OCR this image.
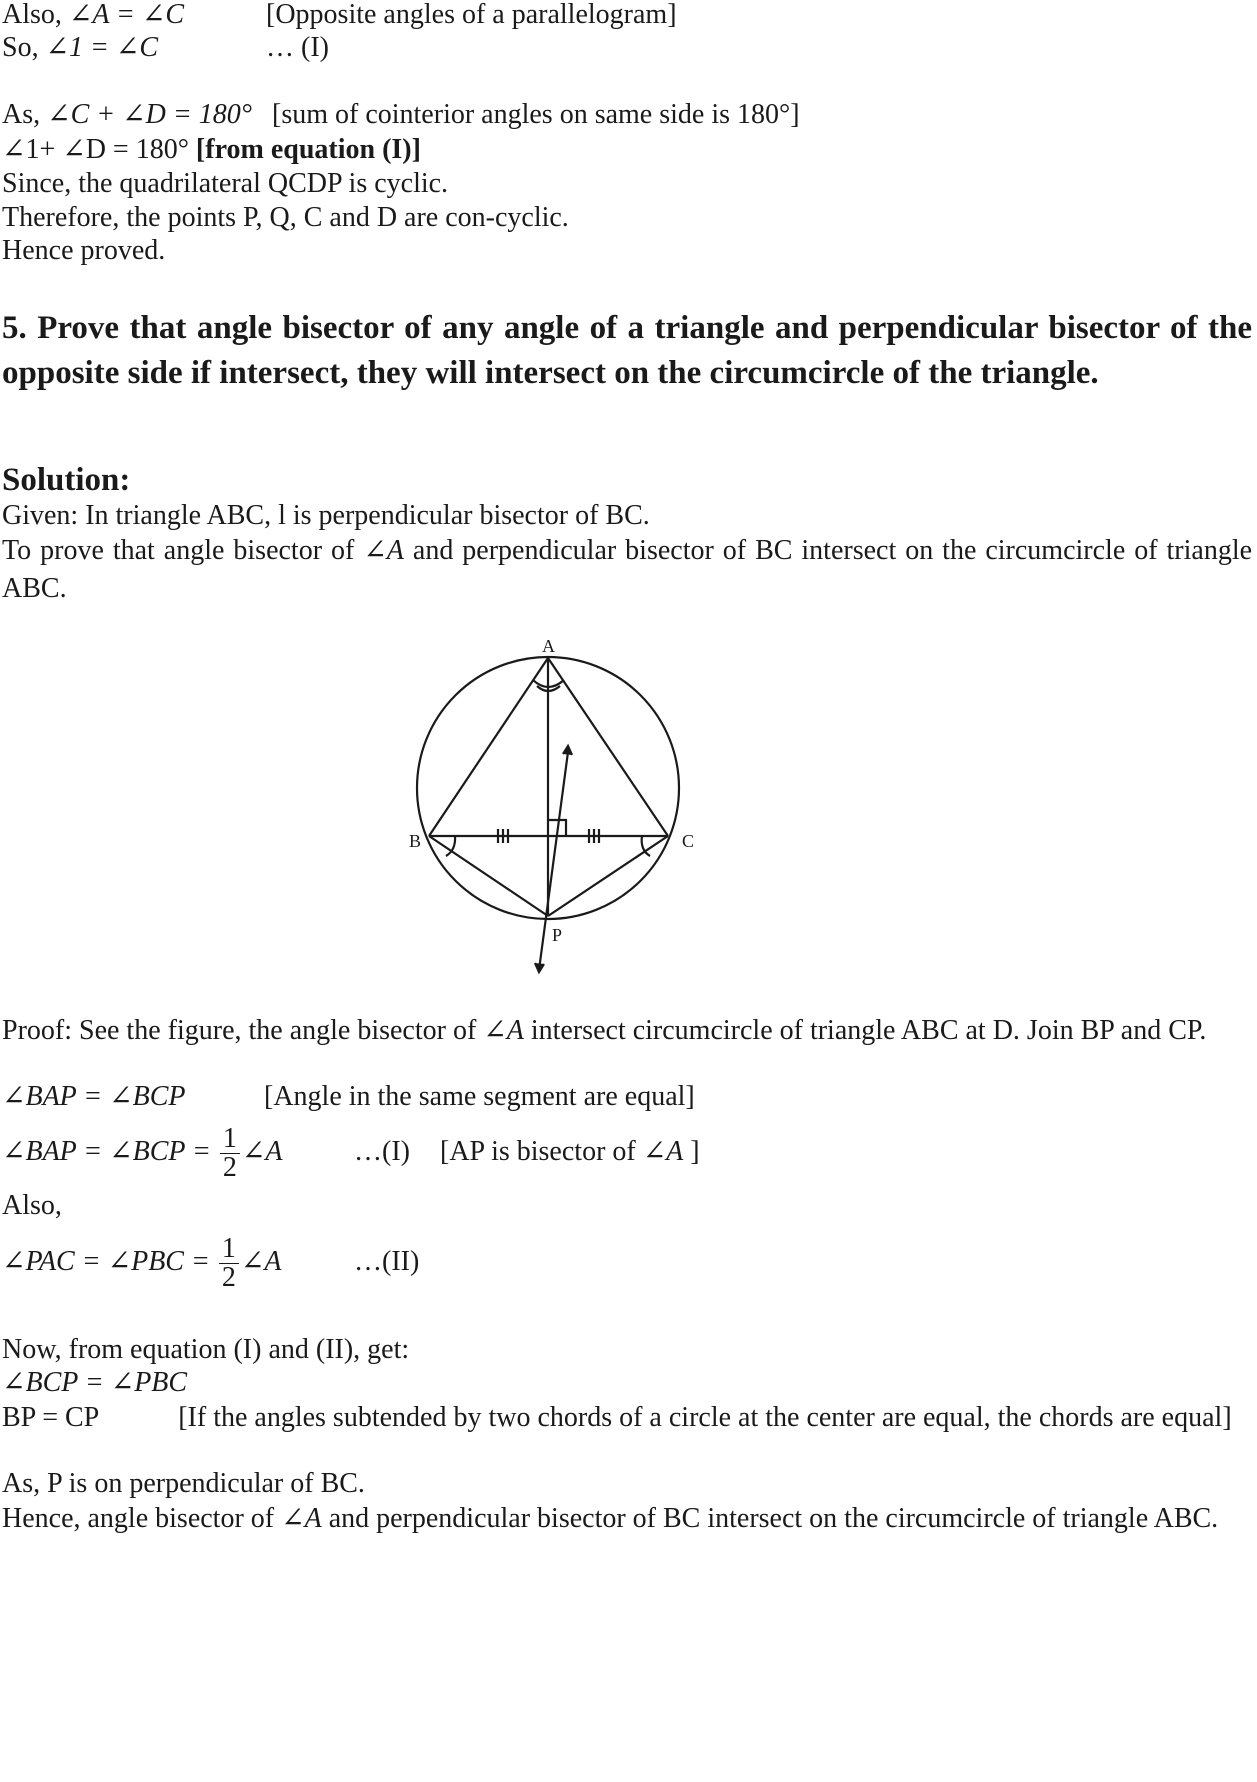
Also, ∠A = ∠C	[Opposite angles of a parallelogram]
So, ∠1 = ∠C	… (I)
As, ∠C + ∠D = 180° [sum of cointerior angles on same side is 180°]
∠1+ ∠D = 180° [from equation (I)]
Since, the quadrilateral QCDP is cyclic.
Therefore, the points P, Q, C and D are con-cyclic.
Hence proved.
5. Prove that angle bisector of any angle of a triangle and perpendicular bisector of the opposite side if intersect, they will intersect on the circumcircle of the triangle.
Solution:
Given: In triangle ABC, l is perpendicular bisector of BC.
To prove that angle bisector of ∠A and perpendicular bisector of BC intersect on the circumcircle of triangle ABC.
A
B	C
P
Proof: See the figure, the angle bisector of ∠A intersect circumcircle of triangle ABC at D. Join BP and CP.
∠BAP = ∠BCP	[Angle in the same segment are equal]
∠BAP = ∠BCP = $\frac{1}{2}$ ∠A	…(I) [AP is bisector of ∠A ]
Also,
∠PAC = ∠PBC = $\frac{1}{2}$ ∠A	…(II)
Now, from equation (I) and (II), get:
∠BCP = ∠PBC
BP = CP	[If the angles subtended by two chords of a circle at the center are equal, the chords are equal]
As, P is on perpendicular of BC.
Hence, angle bisector of ∠A and perpendicular bisector of BC intersect on the circumcircle of triangle ABC.
